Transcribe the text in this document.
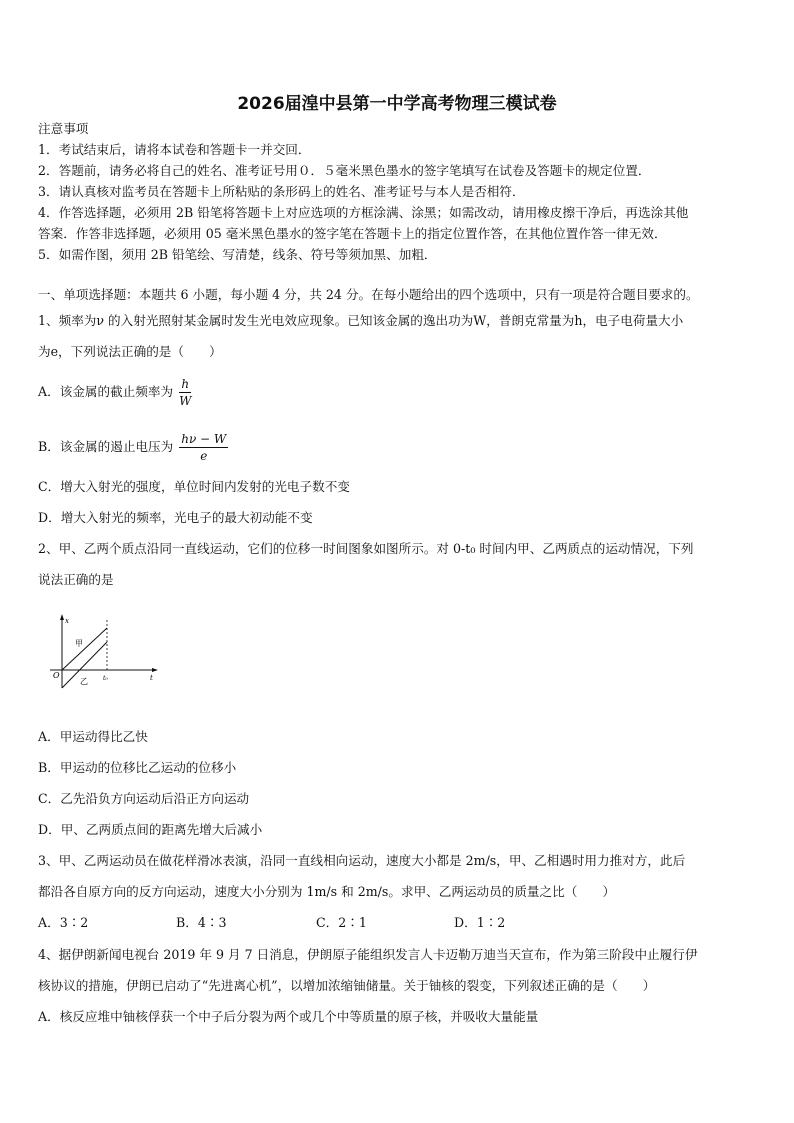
2026届湟中县第一中学高考物理三模试卷
注意事项
1．考试结束后，请将本试卷和答题卡一并交回．
2．答题前，请务必将自己的姓名、准考证号用０．５毫米黑色墨水的签字笔填写在试卷及答题卡的规定位置．
3．请认真核对监考员在答题卡上所粘贴的条形码上的姓名、准考证号与本人是否相符．
4．作答选择题，必须用 2B 铅笔将答题卡上对应选项的方框涂满、涂黑；如需改动，请用橡皮擦干净后，再选涂其他
答案．作答非选择题，必须用 05 毫米黑色墨水的签字笔在答题卡上的指定位置作答，在其他位置作答一律无效．
5．如需作图，须用 2B 铅笔绘、写清楚，线条、符号等须加黑、加粗．
一、单项选择题：本题共 6 小题，每小题 4 分，共 24 分。在每小题给出的四个选项中，只有一项是符合题目要求的。
1、频率为ν 的入射光照射某金属时发生光电效应现象。已知该金属的逸出功为W，普朗克常量为h，电子电荷量大小
为e，下列说法正确的是（　　）
A．该金属的截止频率为 $\frac{h}{W}$
B．该金属的遏止电压为 $\frac{h\nu - W}{e}$
C．增大入射光的强度，单位时间内发射的光电子数不变
D．增大入射光的频率，光电子的最大初动能不变
2、甲、乙两个质点沿同一直线运动，它们的位移一时间图象如图所示。对 0-t₀ 时间内甲、乙两质点的运动情况，下列
说法正确的是
x
t
O	t₀
甲
乙
A．甲运动得比乙快
B．甲运动的位移比乙运动的位移小
C．乙先沿负方向运动后沿正方向运动
D．甲、乙两质点间的距离先增大后减小
3、甲、乙两运动员在做花样滑冰表演，沿同一直线相向运动，速度大小都是 2m/s，甲、乙相遇时用力推对方，此后
都沿各自原方向的反方向运动，速度大小分别为 1m/s 和 2m/s。求甲、乙两运动员的质量之比（　　）
A．3∶2	B．4∶3	C．2∶1	D．1∶2
4、据伊朗新闻电视台 2019 年 9 月 7 日消息，伊朗原子能组织发言人卡迈勒万迪当天宣布，作为第三阶段中止履行伊
核协议的措施，伊朗已启动了“先进离心机”，以增加浓缩铀储量。关于铀核的裂变，下列叙述正确的是（　　）
A．核反应堆中铀核俘获一个中子后分裂为两个或几个中等质量的原子核，并吸收大量能量
